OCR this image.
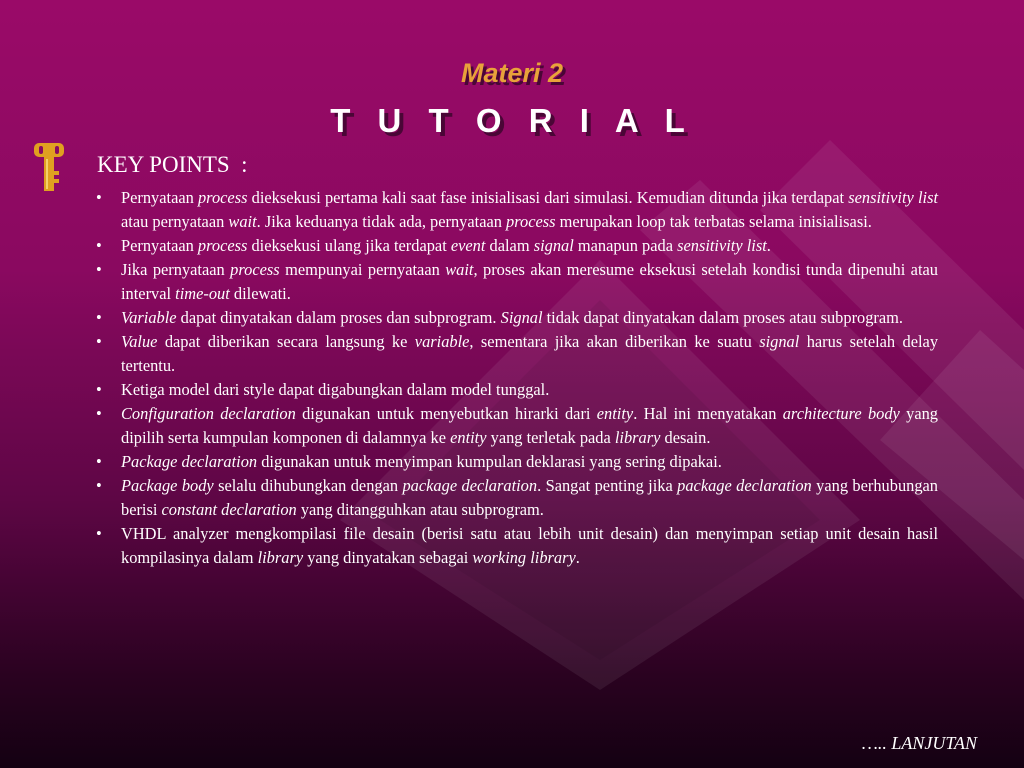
Materi 2
T U T O R I A L
KEY POINTS  :
• Pernyataan process dieksekusi pertama kali saat fase inisialisasi dari simulasi. Kemudian ditunda jika terdapat sensitivity list atau pernyataan wait. Jika keduanya tidak ada, pernyataan process merupakan loop tak terbatas selama inisialisasi.
• Pernyataan process dieksekusi ulang jika terdapat event dalam signal manapun pada sensitivity list.
• Jika pernyataan process mempunyai pernyataan wait, proses akan meresume eksekusi setelah kondisi tunda dipenuhi atau interval time-out dilewati.
• Variable dapat dinyatakan dalam proses dan subprogram. Signal tidak dapat dinyatakan dalam proses atau subprogram.
• Value dapat diberikan secara langsung ke variable, sementara jika akan diberikan ke suatu signal harus setelah delay tertentu.
• Ketiga model dari style dapat digabungkan dalam model tunggal.
• Configuration declaration digunakan untuk menyebutkan hirarki dari entity. Hal ini menyatakan architecture body yang dipilih serta kumpulan komponen di dalamnya ke entity yang terletak pada library desain.
• Package declaration digunakan untuk menyimpan kumpulan deklarasi yang sering dipakai.
• Package body selalu dihubungkan dengan package declaration. Sangat penting jika package declaration yang berhubungan berisi constant declaration yang ditangguhkan atau subprogram.
• VHDL analyzer mengkompilasi file desain (berisi satu atau lebih unit desain) dan menyimpan setiap unit desain hasil kompilasinya dalam library yang dinyatakan sebagai working library.
….. LANJUTAN
